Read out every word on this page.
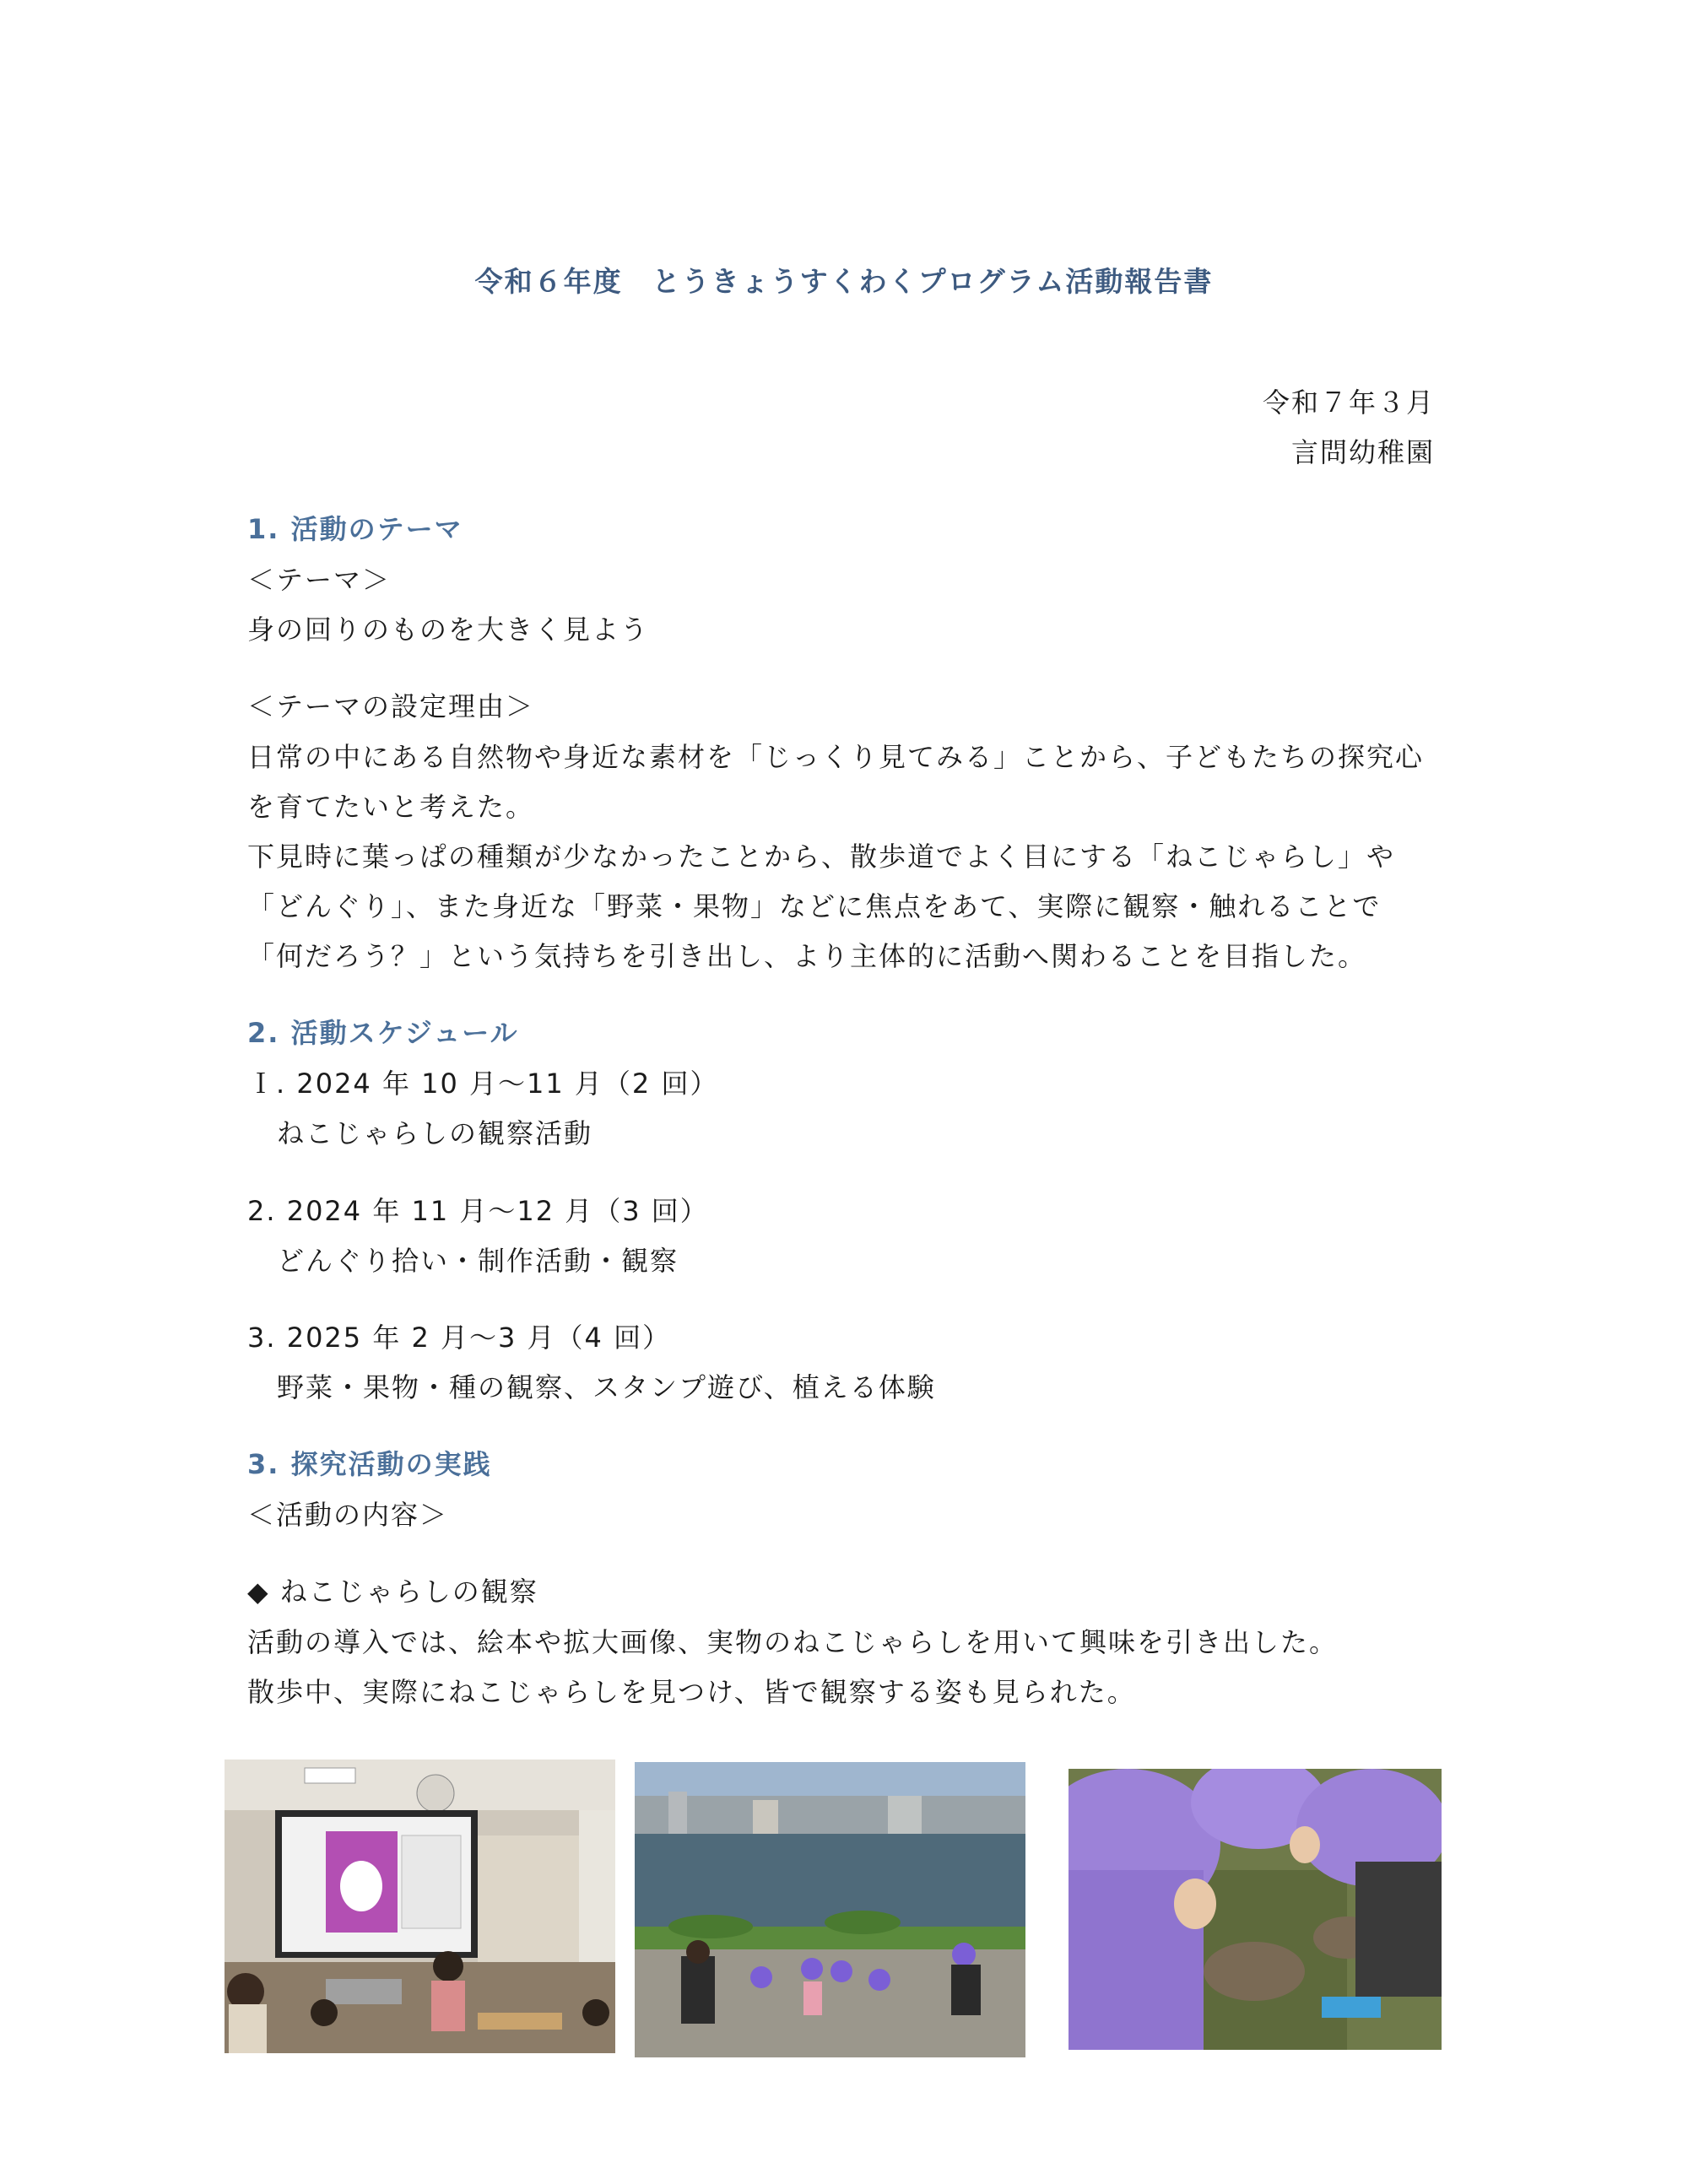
令和６年度　とうきょうすくわくプログラム活動報告書
令和７年３月
言問幼稚園
1. 活動のテーマ
＜テーマ＞
身の回りのものを大きく見よう
＜テーマの設定理由＞
日常の中にある自然物や身近な素材を「じっくり見てみる」ことから、子どもたちの探究心
を育てたいと考えた。
下見時に葉っぱの種類が少なかったことから、散歩道でよく目にする「ねこじゃらし」や
「どんぐり」、また身近な「野菜・果物」などに焦点をあて、実際に観察・触れることで
「何だろう？」という気持ちを引き出し、より主体的に活動へ関わることを目指した。
2. 活動スケジュール
Ｉ. 2024 年 10 月～11 月（2 回）
ねこじゃらしの観察活動
2. 2024 年 11 月～12 月（3 回）
どんぐり拾い・制作活動・観察
3. 2025 年 2 月～3 月（4 回）
野菜・果物・種の観察、スタンプ遊び、植える体験
3. 探究活動の実践
＜活動の内容＞
◆ ねこじゃらしの観察
活動の導入では、絵本や拡大画像、実物のねこじゃらしを用いて興味を引き出した。
散歩中、実際にねこじゃらしを見つけ、皆で観察する姿も見られた。
